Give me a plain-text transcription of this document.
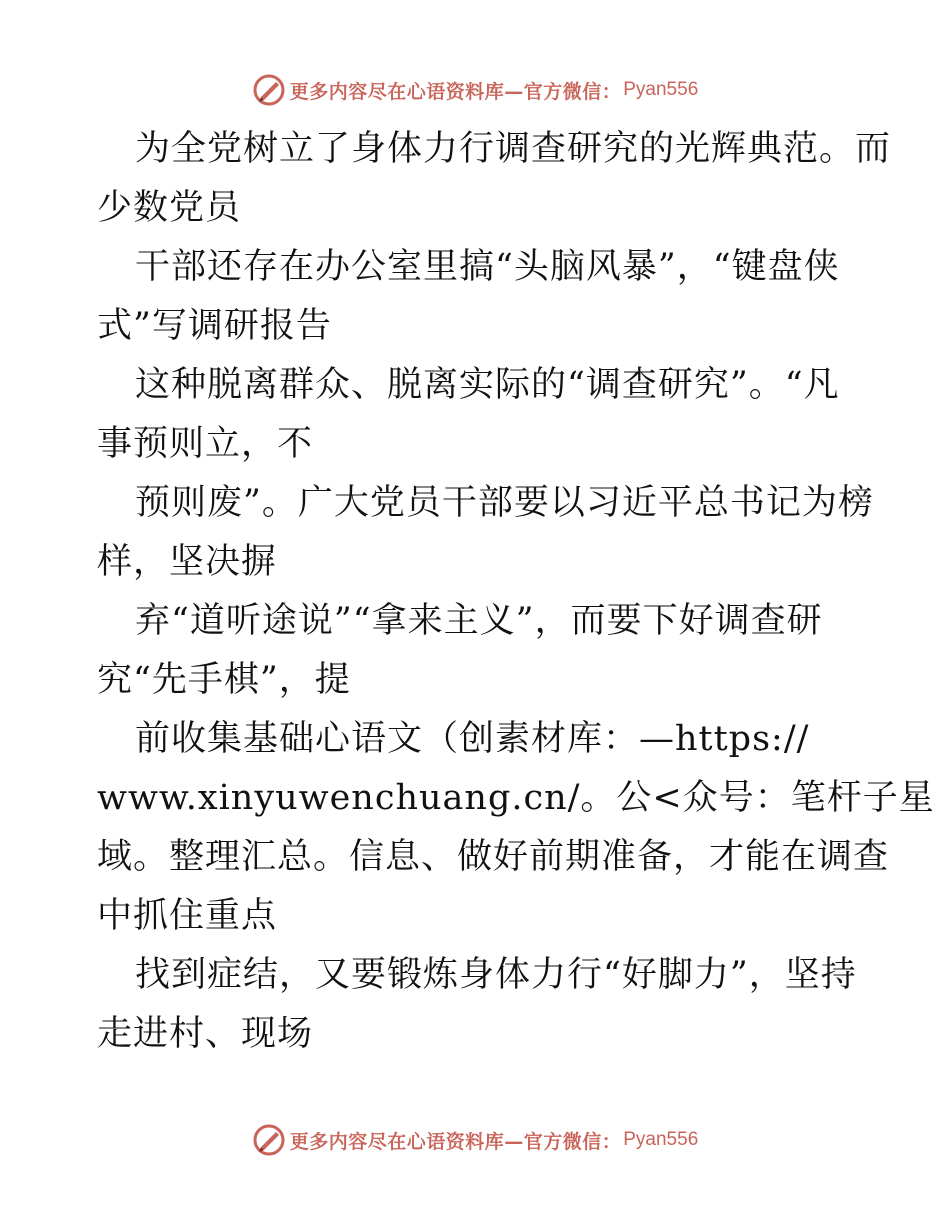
更多内容尽在心语资料库—官方微信： Pyan556
为全党树立了身体力行调查研究的光辉典范。而
少数党员
干部还存在办公室里搞“头脑风暴”，“键盘侠
式”写调研报告
这种脱离群众、脱离实际的“调查研究”。“凡
事预则立，不
预则废”。广大党员干部要以习近平总书记为榜
样，坚决摒
弃“道听途说”“拿来主义”，而要下好调查研
究“先手棋”，提
前收集基础心语文（创素材库：—https://
www.xinyuwenchuang.cn/。公<众号：笔杆子星
域。整理汇总。信息、做好前期准备，才能在调查
中抓住重点
找到症结，又要锻炼身体力行“好脚力”，坚持
走进村、现场
更多内容尽在心语资料库—官方微信： Pyan556
